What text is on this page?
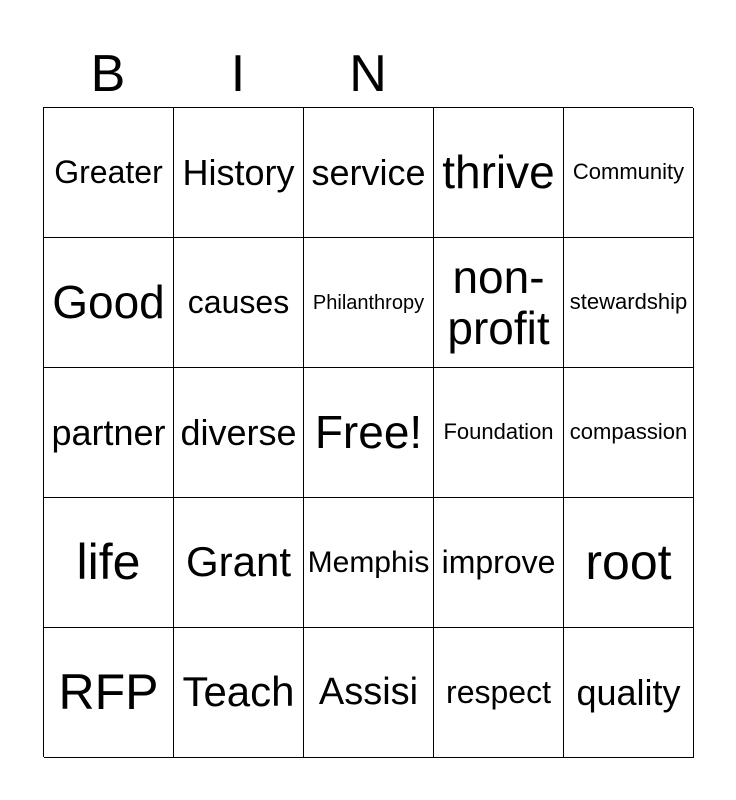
B	I	N
Greater History service thrive Community
Good causes Philanthropy non-profit stewardship
partner diverse Free! Foundation compassion
life Grant Memphis improve root
RFP Teach Assisi respect quality
